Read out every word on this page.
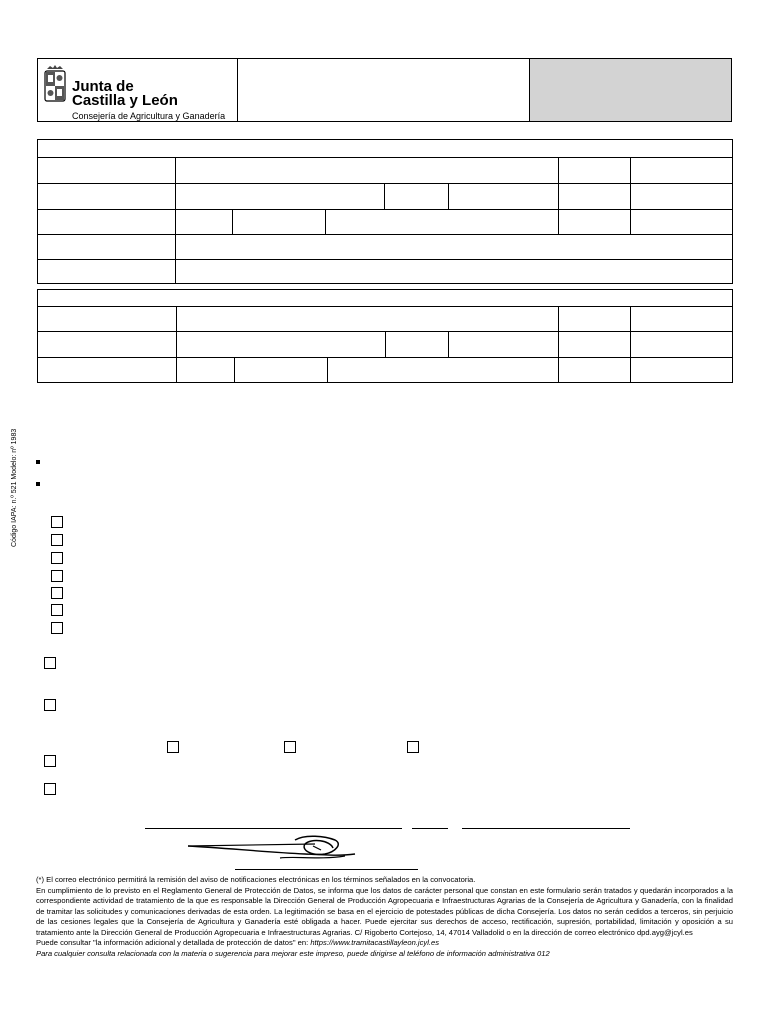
Junta de
Castilla y León
Consejería de Agricultura y Ganadería
Código IAPA: n.º 521 Modelo: nº 1983

(*) El correo electrónico permitirá la remisión del aviso de notificaciones electrónicas en los términos señalados en la convocatoria.

En cumplimiento de lo previsto en el Reglamento General de Protección de Datos, se informa que los datos de carácter personal que constan en este formulario serán tratados y quedarán incorporados a la correspondiente actividad de tratamiento de la que es responsable la Dirección General de Producción Agropecuaria e Infraestructuras Agrarias de la Consejería de Agricultura y Ganadería, con la finalidad de tramitar las solicitudes y comunicaciones derivadas de esta orden. La legitimación se basa en el ejercicio de potestades públicas de dicha Consejería. Los datos no serán cedidos a terceros, sin perjuicio de las cesiones legales que la Consejería de Agricultura y Ganadería esté obligada a hacer. Puede ejercitar sus derechos de acceso, rectificación, supresión, portabilidad, limitación y oposición a su tratamiento ante la Dirección General de Producción Agropecuaria e Infraestructuras Agrarias. C/ Rigoberto Cortejoso, 14, 47014 Valladolid o en la dirección de correo electrónico dpd.ayg@jcyl.es

Puede consultar "la información adicional y detallada de protección de datos" en: https://www.tramitacastillayleon.jcyl.es

Para cualquier consulta relacionada con la materia o sugerencia para mejorar este impreso, puede dirigirse al teléfono de información administrativa 012
